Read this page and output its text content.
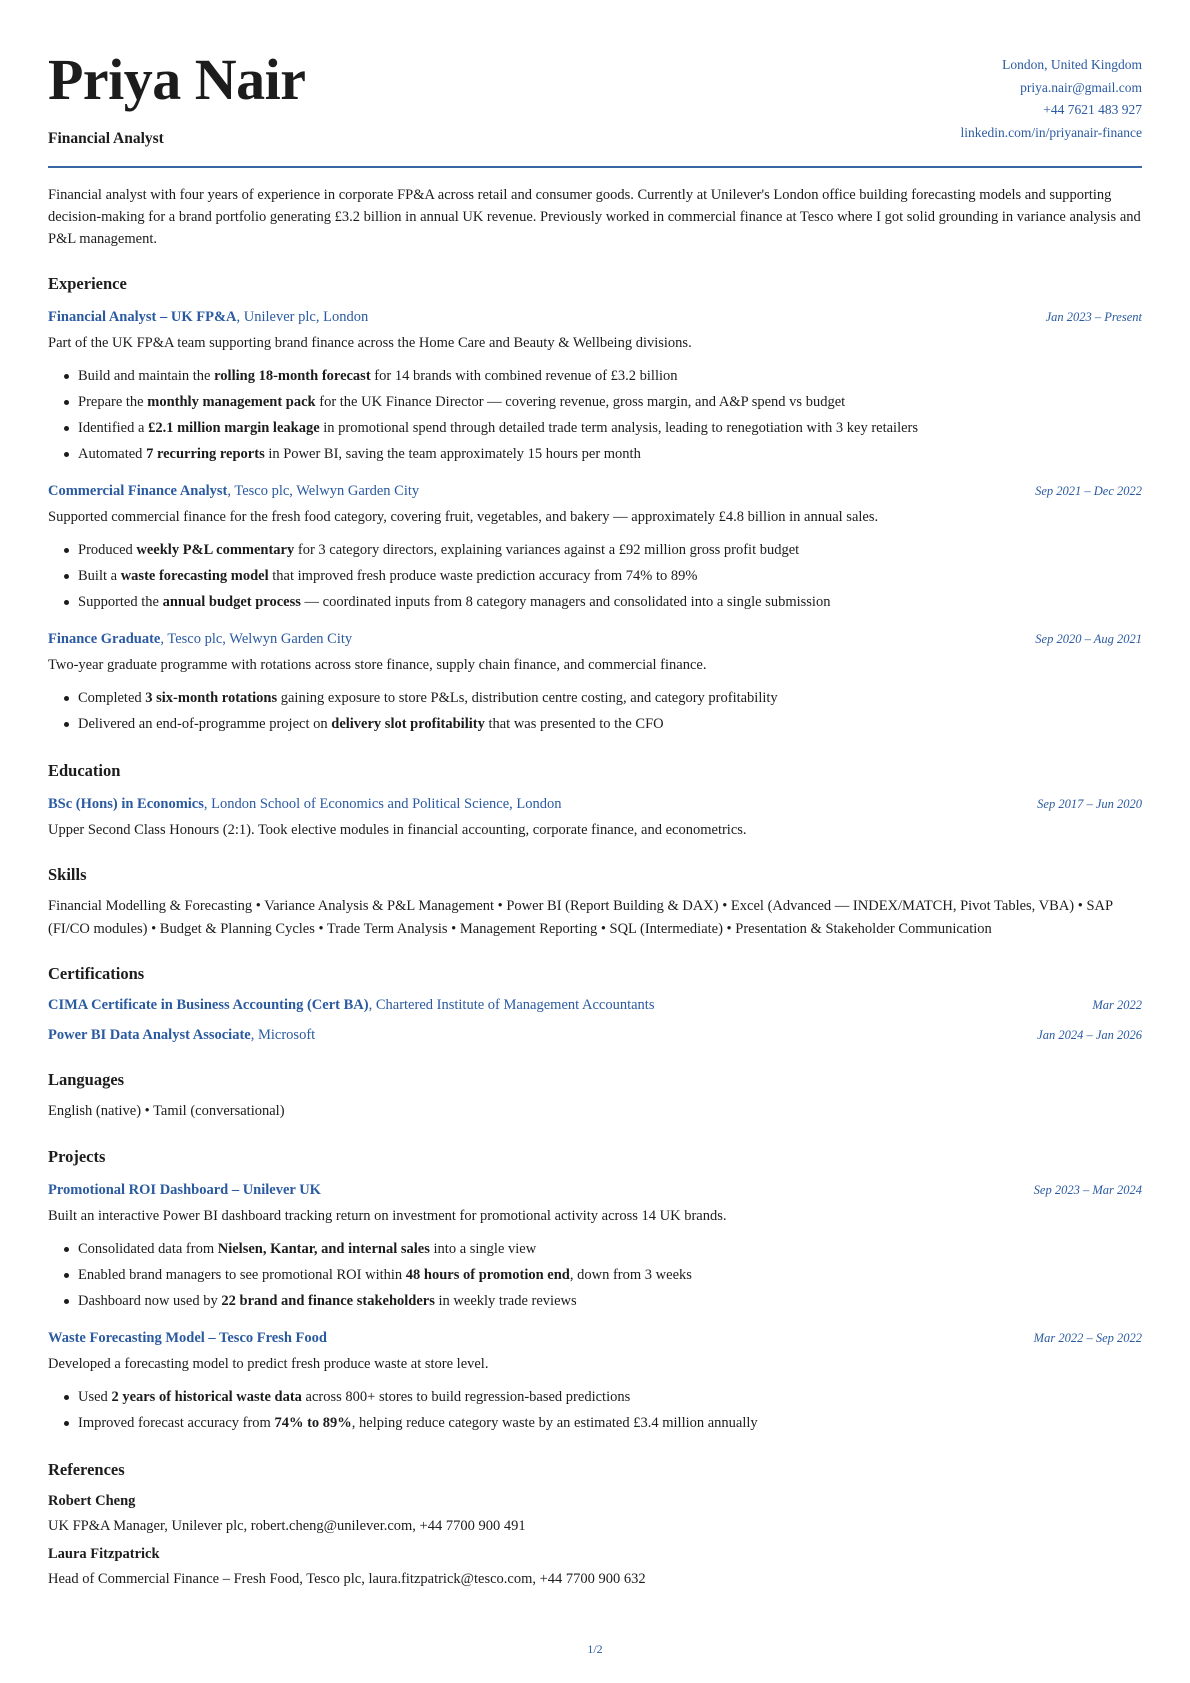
Priya Nair
Financial Analyst
London, United Kingdom
priya.nair@gmail.com
+44 7621 483 927
linkedin.com/in/priyanair-finance

Financial analyst with four years of experience in corporate FP&A across retail and consumer goods. Currently at Unilever's London office building forecasting models and supporting decision-making for a brand portfolio generating £3.2 billion in annual UK revenue. Previously worked in commercial finance at Tesco where I got solid grounding in variance analysis and P&L management.

Experience
Financial Analyst – UK FP&A, Unilever plc, London	Jan 2023 – Present
Part of the UK FP&A team supporting brand finance across the Home Care and Beauty & Wellbeing divisions.
Build and maintain the rolling 18-month forecast for 14 brands with combined revenue of £3.2 billion
Prepare the monthly management pack for the UK Finance Director — covering revenue, gross margin, and A&P spend vs budget
Identified a £2.1 million margin leakage in promotional spend through detailed trade term analysis, leading to renegotiation with 3 key retailers
Automated 7 recurring reports in Power BI, saving the team approximately 15 hours per month
Commercial Finance Analyst, Tesco plc, Welwyn Garden City	Sep 2021 – Dec 2022
Supported commercial finance for the fresh food category, covering fruit, vegetables, and bakery — approximately £4.8 billion in annual sales.
Produced weekly P&L commentary for 3 category directors, explaining variances against a £92 million gross profit budget
Built a waste forecasting model that improved fresh produce waste prediction accuracy from 74% to 89%
Supported the annual budget process — coordinated inputs from 8 category managers and consolidated into a single submission
Finance Graduate, Tesco plc, Welwyn Garden City	Sep 2020 – Aug 2021
Two-year graduate programme with rotations across store finance, supply chain finance, and commercial finance.
Completed 3 six-month rotations gaining exposure to store P&Ls, distribution centre costing, and category profitability
Delivered an end-of-programme project on delivery slot profitability that was presented to the CFO
Education
BSc (Hons) in Economics, London School of Economics and Political Science, London	Sep 2017 – Jun 2020
Upper Second Class Honours (2:1). Took elective modules in financial accounting, corporate finance, and econometrics.
Skills

Financial Modelling & Forecasting • Variance Analysis & P&L Management • Power BI (Report Building & DAX) • Excel (Advanced — INDEX/MATCH, Pivot Tables, VBA) • SAP (FI/CO modules) • Budget & Planning Cycles • Trade Term Analysis • Management Reporting • SQL (Intermediate) • Presentation & Stakeholder Communication

Certifications
CIMA Certificate in Business Accounting (Cert BA), Chartered Institute of Management Accountants	Mar 2022
Power BI Data Analyst Associate, Microsoft	Jan 2024 – Jan 2026
Languages

English (native) • Tamil (conversational)

Projects
Promotional ROI Dashboard – Unilever UK	Sep 2023 – Mar 2024
Built an interactive Power BI dashboard tracking return on investment for promotional activity across 14 UK brands.
Consolidated data from Nielsen, Kantar, and internal sales into a single view
Enabled brand managers to see promotional ROI within 48 hours of promotion end, down from 3 weeks
Dashboard now used by 22 brand and finance stakeholders in weekly trade reviews
Waste Forecasting Model – Tesco Fresh Food	Mar 2022 – Sep 2022
Developed a forecasting model to predict fresh produce waste at store level.
Used 2 years of historical waste data across 800+ stores to build regression-based predictions
Improved forecast accuracy from 74% to 89%, helping reduce category waste by an estimated £3.4 million annually
References
Robert Cheng
UK FP&A Manager, Unilever plc, robert.cheng@unilever.com, +44 7700 900 491
Laura Fitzpatrick
Head of Commercial Finance – Fresh Food, Tesco plc, laura.fitzpatrick@tesco.com, +44 7700 900 632
1/2
